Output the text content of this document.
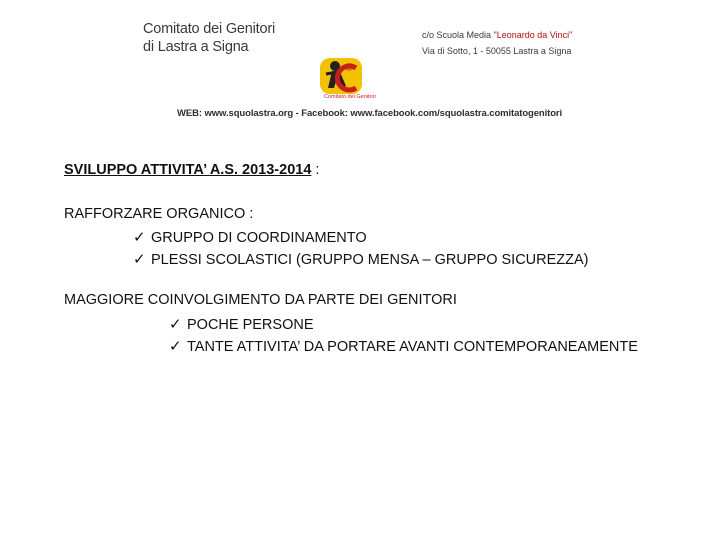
Comitato dei Genitori
di Lastra a Signa
c/o Scuola Media "Leonardo da Vinci"
Via di Sotto, 1 - 50055 Lastra a Signa
Comitato dei Genitori
WEB: www.squolastra.org - Facebook: www.facebook.com/squolastra.comitatogenitori
SVILUPPO ATTIVITA’ A.S. 2013-2014 :
RAFFORZARE ORGANICO :
✓ GRUPPO DI COORDINAMENTO
✓ PLESSI SCOLASTICI (GRUPPO MENSA – GRUPPO SICUREZZA)
MAGGIORE COINVOLGIMENTO DA PARTE DEI GENITORI
✓ POCHE PERSONE
✓ TANTE ATTIVITA’ DA PORTARE AVANTI CONTEMPORANEAMENTE
